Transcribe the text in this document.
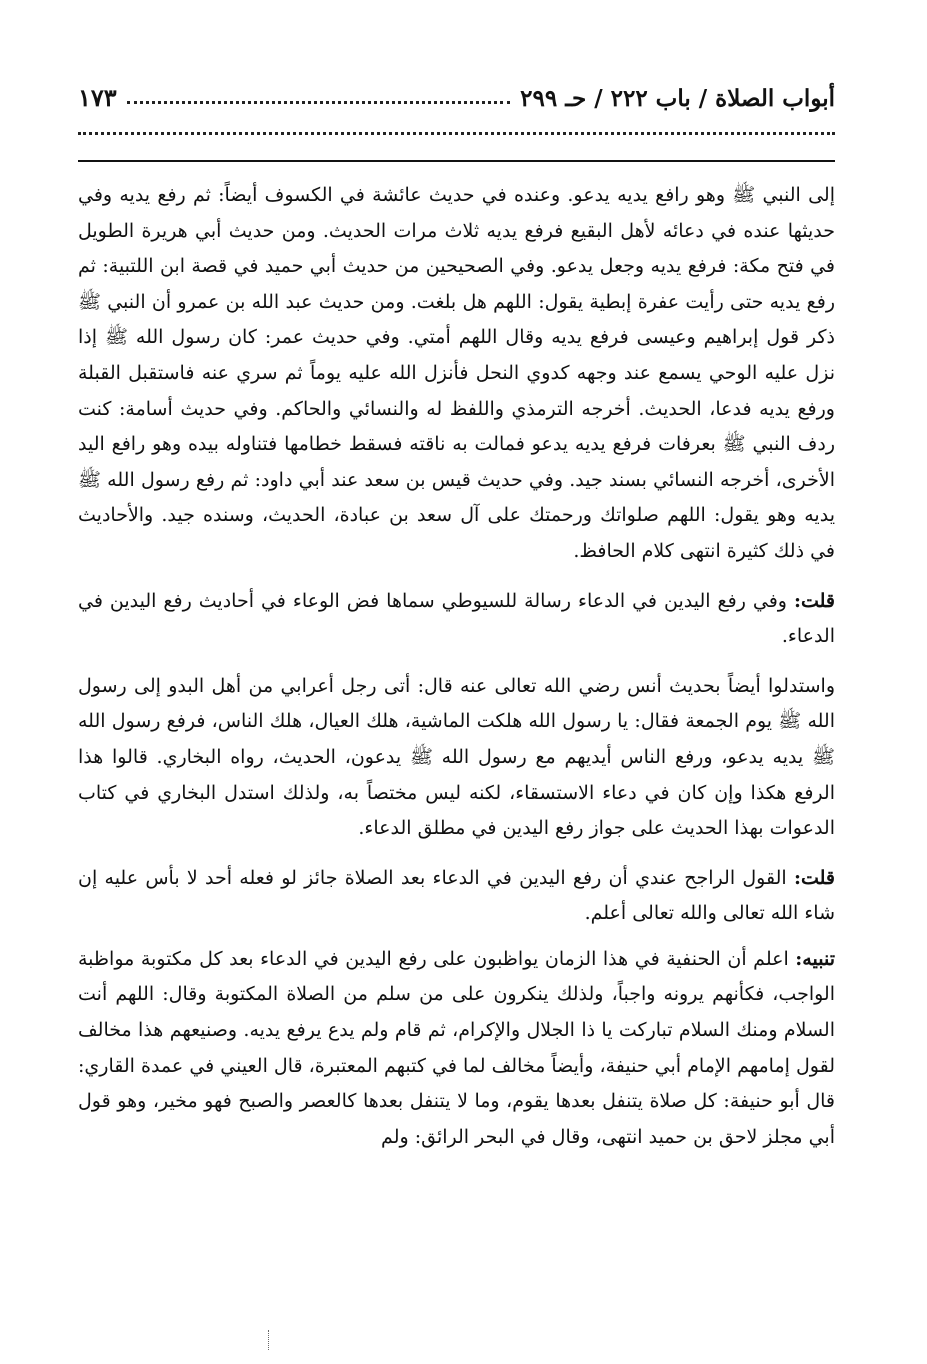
أبواب الصلاة / باب ٢٢٢ / حـ ٢٩٩
١٧٣

إلى النبي ﷺ وهو رافع يديه يدعو. وعنده في حديث عائشة في الكسوف أيضاً: ثم رفع يديه وفي حديثها عنده في دعائه لأهل البقيع فرفع يديه ثلاث مرات الحديث. ومن حديث أبي هريرة الطويل في فتح مكة: فرفع يديه وجعل يدعو. وفي الصحيحين من حديث أبي حميد في قصة ابن اللتبية: ثم رفع يديه حتى رأيت عفرة إبطية يقول: اللهم هل بلغت. ومن حديث عبد الله بن عمرو أن النبي ﷺ ذكر قول إبراهيم وعيسى فرفع يديه وقال اللهم أمتي. وفي حديث عمر: كان رسول الله ﷺ إذا نزل عليه الوحي يسمع عند وجهه كدوي النحل فأنزل الله عليه يوماً ثم سري عنه فاستقبل القبلة ورفع يديه فدعا، الحديث. أخرجه الترمذي واللفظ له والنسائي والحاكم. وفي حديث أسامة: كنت ردف النبي ﷺ بعرفات فرفع يديه يدعو فمالت به ناقته فسقط خطامها فتناوله بيده وهو رافع اليد الأخرى، أخرجه النسائي بسند جيد. وفي حديث قيس بن سعد عند أبي داود: ثم رفع رسول الله ﷺ يديه وهو يقول: اللهم صلواتك ورحمتك على آل سعد بن عبادة، الحديث، وسنده جيد. والأحاديث في ذلك كثيرة انتهى كلام الحافظ.

قلت: وفي رفع اليدين في الدعاء رسالة للسيوطي سماها فض الوعاء في أحاديث رفع اليدين في الدعاء.

واستدلوا أيضاً بحديث أنس رضي الله تعالى عنه قال: أتى رجل أعرابي من أهل البدو إلى رسول الله ﷺ يوم الجمعة فقال: يا رسول الله هلكت الماشية، هلك العيال، هلك الناس، فرفع رسول الله ﷺ يديه يدعو، ورفع الناس أيديهم مع رسول الله ﷺ يدعون، الحديث، رواه البخاري. قالوا هذا الرفع هكذا وإن كان في دعاء الاستسقاء، لكنه ليس مختصاً به، ولذلك استدل البخاري في كتاب الدعوات بهذا الحديث على جواز رفع اليدين في مطلق الدعاء.

قلت: القول الراجح عندي أن رفع اليدين في الدعاء بعد الصلاة جائز لو فعله أحد لا بأس عليه إن شاء الله تعالى والله تعالى أعلم.

تنبيه: اعلم أن الحنفية في هذا الزمان يواظبون على رفع اليدين في الدعاء بعد كل مكتوبة مواظبة الواجب، فكأنهم يرونه واجباً، ولذلك ينكرون على من سلم من الصلاة المكتوبة وقال: اللهم أنت السلام ومنك السلام تباركت يا ذا الجلال والإكرام، ثم قام ولم يدع يرفع يديه. وصنيعهم هذا مخالف لقول إمامهم الإمام أبي حنيفة، وأيضاً مخالف لما في كتبهم المعتبرة، قال العيني في عمدة القاري: قال أبو حنيفة: كل صلاة يتنفل بعدها يقوم، وما لا يتنفل بعدها كالعصر والصبح فهو مخير، وهو قول أبي مجلز لاحق بن حميد انتهى، وقال في البحر الرائق: ولم
